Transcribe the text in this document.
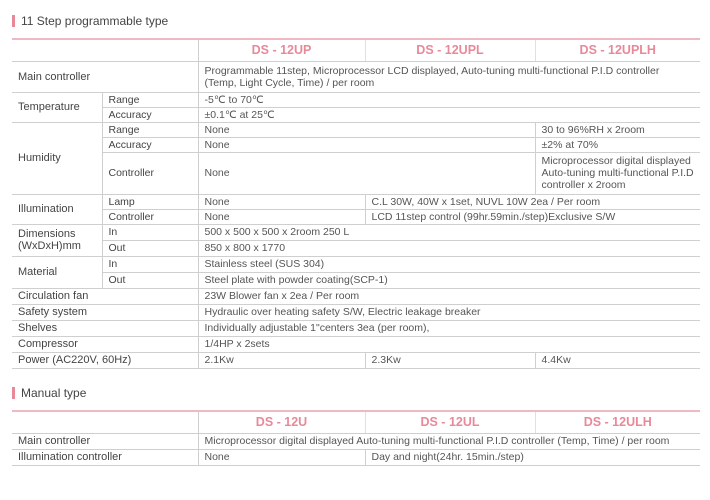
11 Step programmable type
		DS - 12UP	DS - 12UPL	DS - 12UPLH
Main controller		Programmable 11step, Microprocessor LCD displayed, Auto-tuning multi-functional P.I.D controller (Temp, Light Cycle, Time) / per room		
Temperature	Range	-5℃ to 70℃		
	Accuracy	±0.1℃ at 25℃		
Humidity	Range	None		30 to 96%RH x 2room
	Accuracy	None		±2% at 70%
	Controller	None		Microprocessor digital displayed Auto-tuning multi-functional P.I.D controller x 2room
Illumination	Lamp	None	C.L 30W, 40W x 1set, NUVL 10W 2ea / Per room	
	Controller	None	LCD 11step control (99hr.59min./step)Exclusive S/W	
Dimensions (WxDxH)mm	In	500 x 500 x 500 x 2room 250 L		
	Out	850 x 800 x 1770		
Material	In	Stainless steel (SUS 304)		
	Out	Steel plate with powder coating(SCP-1)		
Circulation fan		23W Blower fan x 2ea / Per room		
Safety system		Hydraulic over heating safety S/W, Electric leakage breaker		
Shelves		Individually adjustable 1"centers 3ea (per room),		
Compressor		1/4HP x 2sets		
Power (AC220V, 60Hz)		2.1Kw	2.3Kw	4.4Kw
Manual type
	DS - 12U	DS - 12UL	DS - 12ULH
Main controller	Microprocessor digital displayed Auto-tuning multi-functional P.I.D controller (Temp, Time) / per room		
Illumination controller	None	Day and night(24hr. 15min./step)	
